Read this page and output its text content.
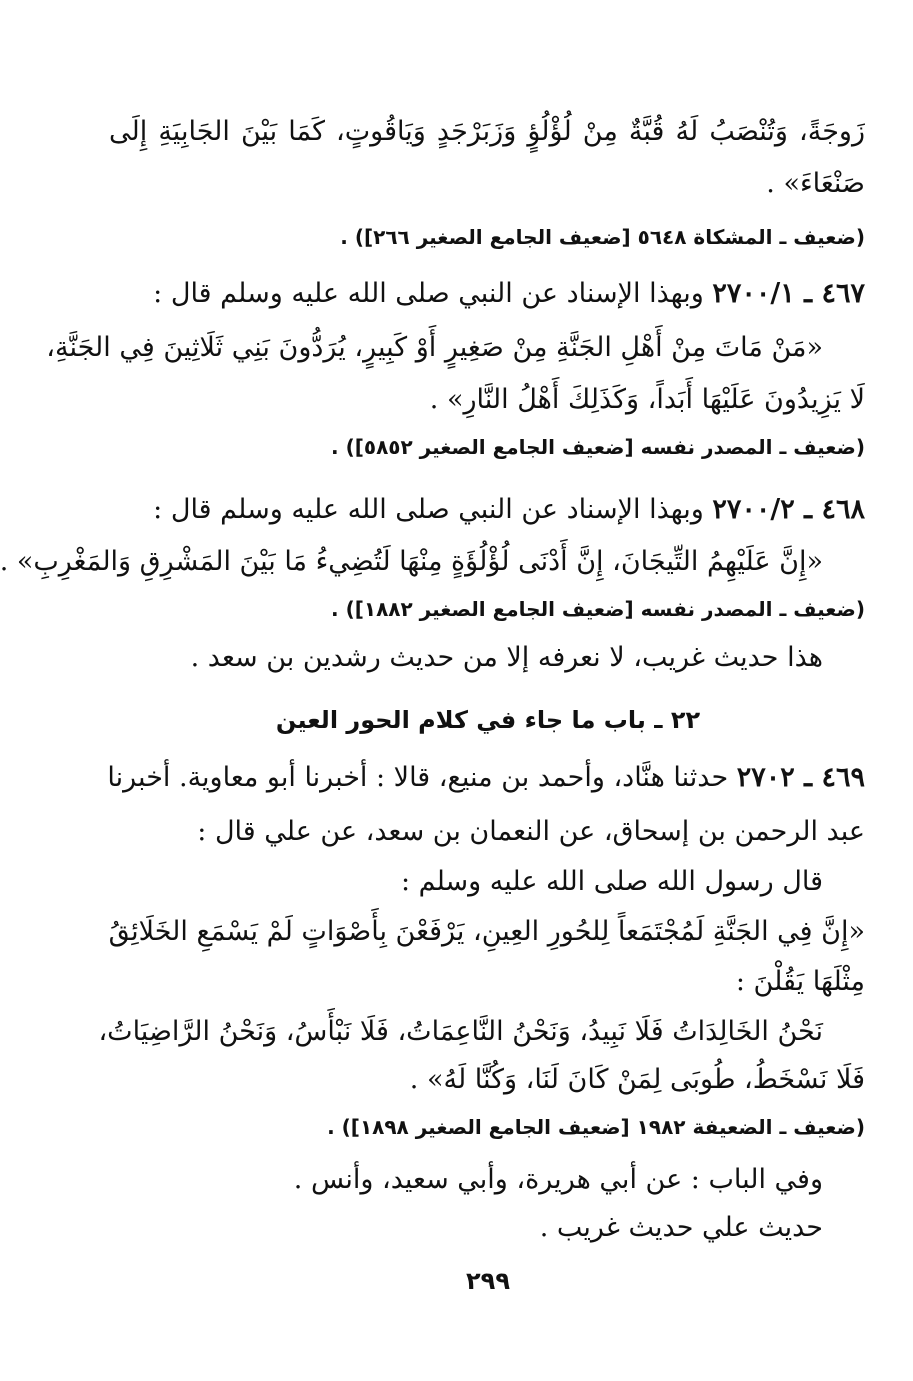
زَوجَةً، وَتُنْصَبُ لَهُ قُبَّةٌ مِنْ لُؤْلُؤٍ وَزَبَرْجَدٍ وَيَاقُوتٍ، كَمَا بَيْنَ الجَابِيَةِ إِلَى
صَنْعَاءَ» .
(ضعيف ـ المشكاة ٥٦٤٨ [ضعيف الجامع الصغير ٢٦٦]) .
٤٦٧ ـ ٢٧٠٠/١ وبهذا الإسناد عن النبي صلى الله عليه وسلم قال :
«مَنْ مَاتَ مِنْ أَهْلِ الجَنَّةِ مِنْ صَغِيرٍ أَوْ كَبِيرٍ، يُرَدُّونَ بَنِي ثَلَاثِينَ فِي الجَنَّةِ،
لَا يَزِيدُونَ عَلَيْهَا أَبَداً، وَكَذَلِكَ أَهْلُ النَّارِ» .
(ضعيف ـ المصدر نفسه [ضعيف الجامع الصغير ٥٨٥٢]) .
٤٦٨ ـ ٢٧٠٠/٢ وبهذا الإسناد عن النبي صلى الله عليه وسلم قال :
«إِنَّ عَلَيْهِمُ التِّيجَانَ، إِنَّ أَدْنَى لُؤْلُؤَةٍ مِنْهَا لَتُضِيءُ مَا بَيْنَ المَشْرِقِ وَالمَغْرِبِ» .
(ضعيف ـ المصدر نفسه [ضعيف الجامع الصغير ١٨٨٢]) .
هذا حديث غريب، لا نعرفه إلا من حديث رشدين بن سعد .
٢٢ ـ باب ما جاء في كلام الحور العين
٤٦٩ ـ ٢٧٠٢ حدثنا هنَّاد، وأحمد بن منيع، قالا : أخبرنا أبو معاوية. أخبرنا
عبد الرحمن بن إسحاق، عن النعمان بن سعد، عن علي قال :
قال رسول الله صلى الله عليه وسلم :
«إِنَّ فِي الجَنَّةِ لَمُجْتَمَعاً لِلحُورِ العِينِ، يَرْفَعْنَ بِأَصْوَاتٍ لَمْ يَسْمَعِ الخَلَائِقُ
مِثْلَهَا يَقُلْنَ :
نَحْنُ الخَالِدَاتُ فَلَا نَبِيدُ، وَنَحْنُ النَّاعِمَاتُ، فَلَا نَبْأَسُ، وَنَحْنُ الرَّاضِيَاتُ،
فَلَا نَسْخَطُ، طُوبَى لِمَنْ كَانَ لَنَا، وَكُنَّا لَهُ» .
(ضعيف ـ الضعيفة ١٩٨٢ [ضعيف الجامع الصغير ١٨٩٨]) .
وفي الباب : عن أبي هريرة، وأبي سعيد، وأنس .
حديث علي حديث غريب .
٢٩٩
